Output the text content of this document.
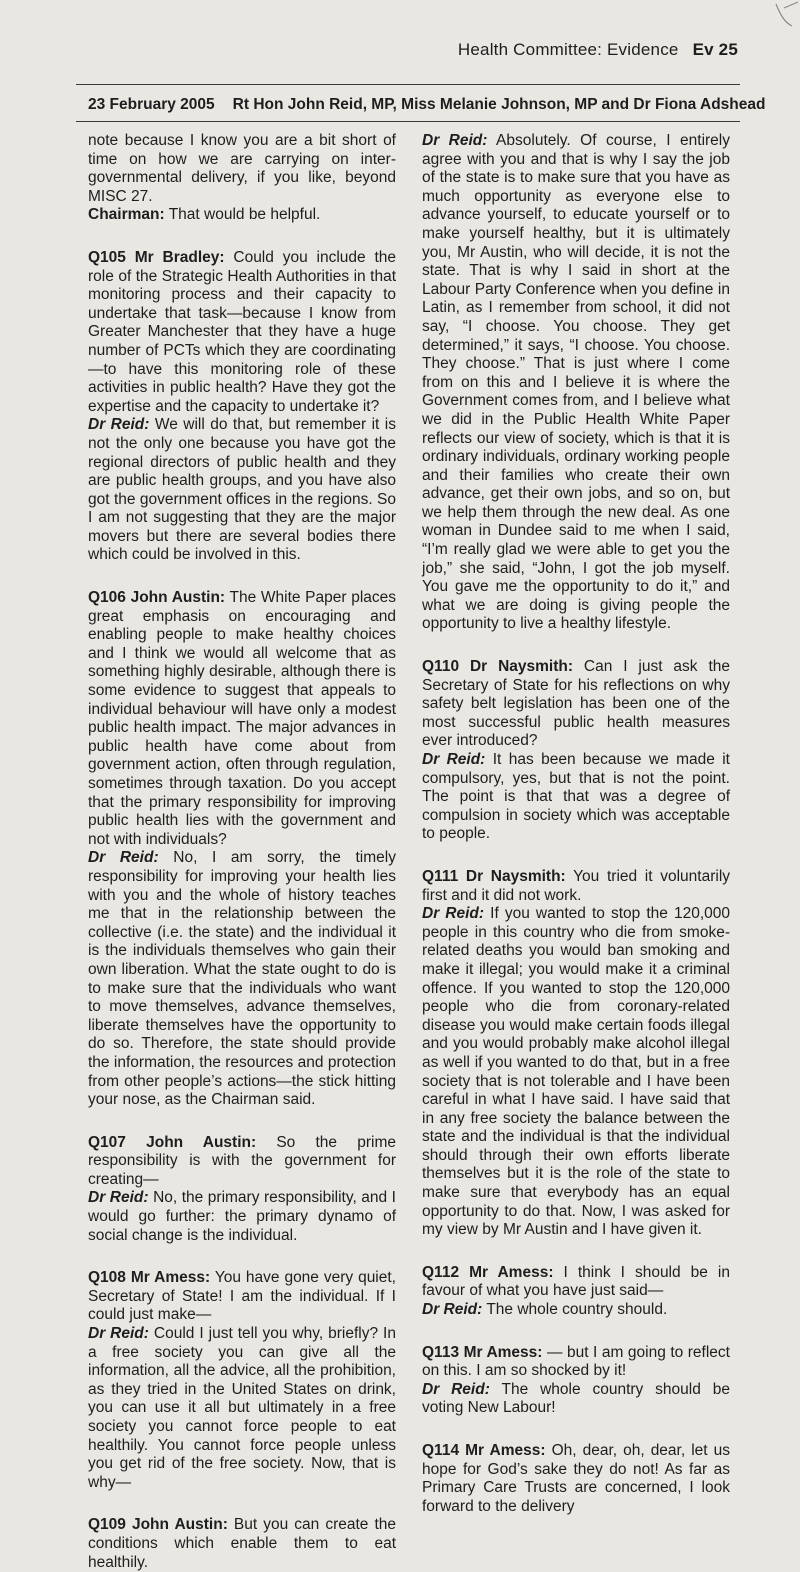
Health Committee: Evidence Ev 25
23 February 2005 Rt Hon John Reid, MP, Miss Melanie Johnson, MP and Dr Fiona Adshead

note because I know you are a bit short of time on how we are carrying on inter-governmental delivery, if you like, beyond MISC 27.

Chairman: That would be helpful.

Q105 Mr Bradley: Could you include the role of the Strategic Health Authorities in that monitoring process and their capacity to undertake that task—because I know from Greater Manchester that they have a huge number of PCTs which they are coordinating—to have this monitoring role of these activities in public health? Have they got the expertise and the capacity to undertake it?

Dr Reid: We will do that, but remember it is not the only one because you have got the regional directors of public health and they are public health groups, and you have also got the government offices in the regions. So I am not suggesting that they are the major movers but there are several bodies there which could be involved in this.

Q106 John Austin: The White Paper places great emphasis on encouraging and enabling people to make healthy choices and I think we would all welcome that as something highly desirable, although there is some evidence to suggest that appeals to individual behaviour will have only a modest public health impact. The major advances in public health have come about from government action, often through regulation, sometimes through taxation. Do you accept that the primary responsibility for improving public health lies with the government and not with individuals?

Dr Reid: No, I am sorry, the timely responsibility for improving your health lies with you and the whole of history teaches me that in the relationship between the collective (i.e. the state) and the individual it is the individuals themselves who gain their own liberation. What the state ought to do is to make sure that the individuals who want to move themselves, advance themselves, liberate themselves have the opportunity to do so. Therefore, the state should provide the information, the resources and protection from other people’s actions—the stick hitting your nose, as the Chairman said.

Q107 John Austin: So the prime responsibility is with the government for creating—

Dr Reid: No, the primary responsibility, and I would go further: the primary dynamo of social change is the individual.

Q108 Mr Amess: You have gone very quiet, Secretary of State! I am the individual. If I could just make—

Dr Reid: Could I just tell you why, briefly? In a free society you can give all the information, all the advice, all the prohibition, as they tried in the United States on drink, you can use it all but ultimately in a free society you cannot force people to eat healthily. You cannot force people unless you get rid of the free society. Now, that is why—

Q109 John Austin: But you can create the conditions which enable them to eat healthily.

Dr Reid: Absolutely. Of course, I entirely agree with you and that is why I say the job of the state is to make sure that you have as much opportunity as everyone else to advance yourself, to educate yourself or to make yourself healthy, but it is ultimately you, Mr Austin, who will decide, it is not the state. That is why I said in short at the Labour Party Conference when you define in Latin, as I remember from school, it did not say, “I choose. You choose. They get determined,” it says, “I choose. You choose. They choose.” That is just where I come from on this and I believe it is where the Government comes from, and I believe what we did in the Public Health White Paper reflects our view of society, which is that it is ordinary individuals, ordinary working people and their families who create their own advance, get their own jobs, and so on, but we help them through the new deal. As one woman in Dundee said to me when I said, “I’m really glad we were able to get you the job,” she said, “John, I got the job myself. You gave me the opportunity to do it,” and what we are doing is giving people the opportunity to live a healthy lifestyle.

Q110 Dr Naysmith: Can I just ask the Secretary of State for his reflections on why safety belt legislation has been one of the most successful public health measures ever introduced?

Dr Reid: It has been because we made it compulsory, yes, but that is not the point. The point is that that was a degree of compulsion in society which was acceptable to people.

Q111 Dr Naysmith: You tried it voluntarily first and it did not work.

Dr Reid: If you wanted to stop the 120,000 people in this country who die from smoke-related deaths you would ban smoking and make it illegal; you would make it a criminal offence. If you wanted to stop the 120,000 people who die from coronary-related disease you would make certain foods illegal and you would probably make alcohol illegal as well if you wanted to do that, but in a free society that is not tolerable and I have been careful in what I have said. I have said that in any free society the balance between the state and the individual is that the individual should through their own efforts liberate themselves but it is the role of the state to make sure that everybody has an equal opportunity to do that. Now, I was asked for my view by Mr Austin and I have given it.

Q112 Mr Amess: I think I should be in favour of what you have just said—

Dr Reid: The whole country should.

Q113 Mr Amess: — but I am going to reflect on this. I am so shocked by it!

Dr Reid: The whole country should be voting New Labour!

Q114 Mr Amess: Oh, dear, oh, dear, let us hope for God’s sake they do not! As far as Primary Care Trusts are concerned, I look forward to the delivery
